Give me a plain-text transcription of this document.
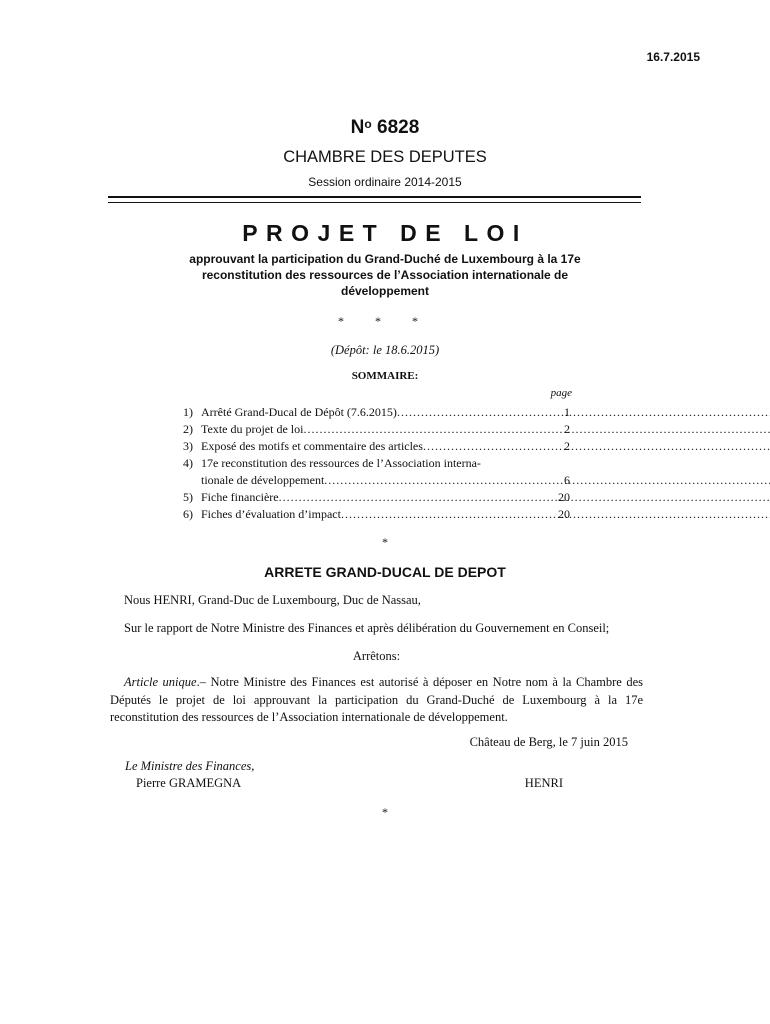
16.7.2015
$N^o$ 6828
CHAMBRE DES DEPUTES
Session ordinaire 2014-2015
PROJET DE LOI
approuvant la participation du Grand-Duché de Luxembourg à la 17e reconstitution des ressources de l’Association internationale de développement
* * *
(Dépôt: le 18.6.2015)
SOMMAIRE:
page
1) Arrêté Grand-Ducal de Dépôt (7.6.2015) .....	1
2) Texte du projet de loi .....	2
3) Exposé des motifs et commentaire des articles .....	2
4) 17e reconstitution des ressources de l’Association interna-
tionale de développement .....	6
5) Fiche financière .....	20
6) Fiches d’évaluation d’impact .....	20
*
ARRETE GRAND-DUCAL DE DEPOT
Nous HENRI, Grand-Duc de Luxembourg, Duc de Nassau,
Sur le rapport de Notre Ministre des Finances et après délibération du Gouvernement en Conseil;
Arrêtons:
Article unique.– Notre Ministre des Finances est autorisé à déposer en Notre nom à la Chambre des Députés le projet de loi approuvant la participation du Grand-Duché de Luxembourg à la 17e reconstitution des ressources de l’Association internationale de développement.
Château de Berg, le 7 juin 2015
Le Ministre des Finances,
Pierre GRAMEGNA	HENRI
*
